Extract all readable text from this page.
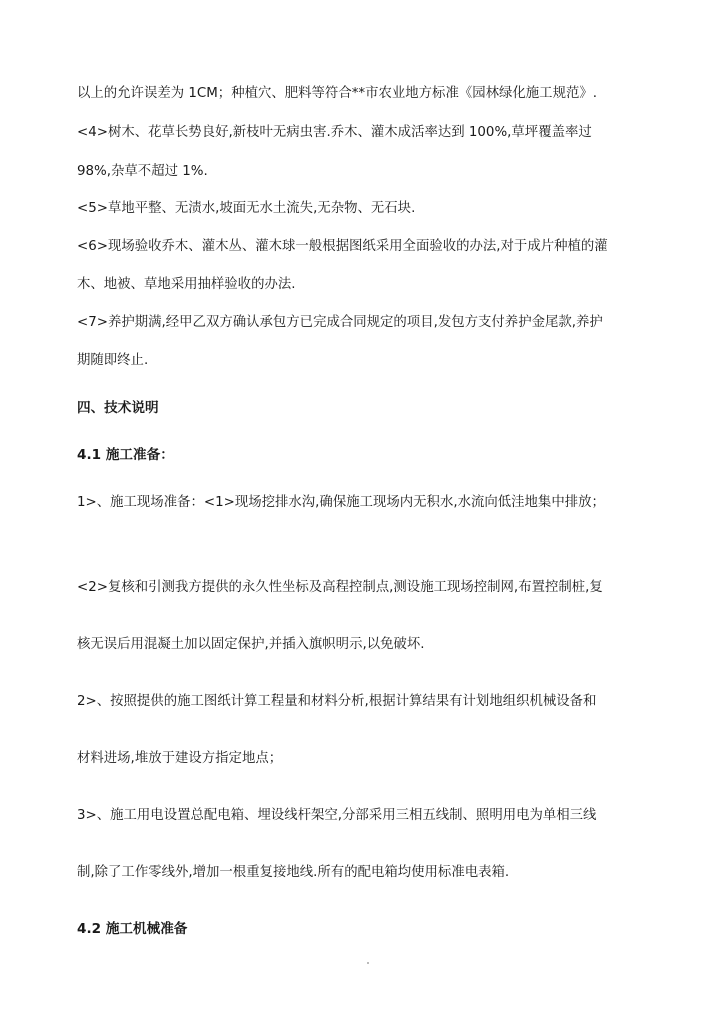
以上的允许误差为 1CM；种植穴、肥料等符合**市农业地方标准《园林绿化施工规范》.

<4>树木、花草长势良好,新枝叶无病虫害.乔木、灌木成活率达到 100%,草坪覆盖率过

98%,杂草不超过 1%.

<5>草地平整、无渍水,坡面无水土流失,无杂物、无石块.

<6>现场验收乔木、灌木丛、灌木球一般根据图纸采用全面验收的办法,对于成片种植的灌

木、地被、草地采用抽样验收的办法.

<7>养护期满,经甲乙双方确认承包方已完成合同规定的项目,发包方支付养护金尾款,养护

期随即终止.

四、技术说明
4.1 施工准备：

1>、施工现场准备：<1>现场挖排水沟,确保施工现场内无积水,水流向低洼地集中排放；

<2>复核和引测我方提供的永久性坐标及高程控制点,测设施工现场控制网,布置控制桩,复

核无误后用混凝土加以固定保护,并插入旗帜明示,以免破坏.

2>、按照提供的施工图纸计算工程量和材料分析,根据计算结果有计划地组织机械设备和

材料进场,堆放于建设方指定地点；

3>、施工用电设置总配电箱、埋设线杆架空,分部采用三相五线制、照明用电为单相三线

制,除了工作零线外,增加一根重复接地线.所有的配电箱均使用标准电表箱.

4.2 施工机械准备
